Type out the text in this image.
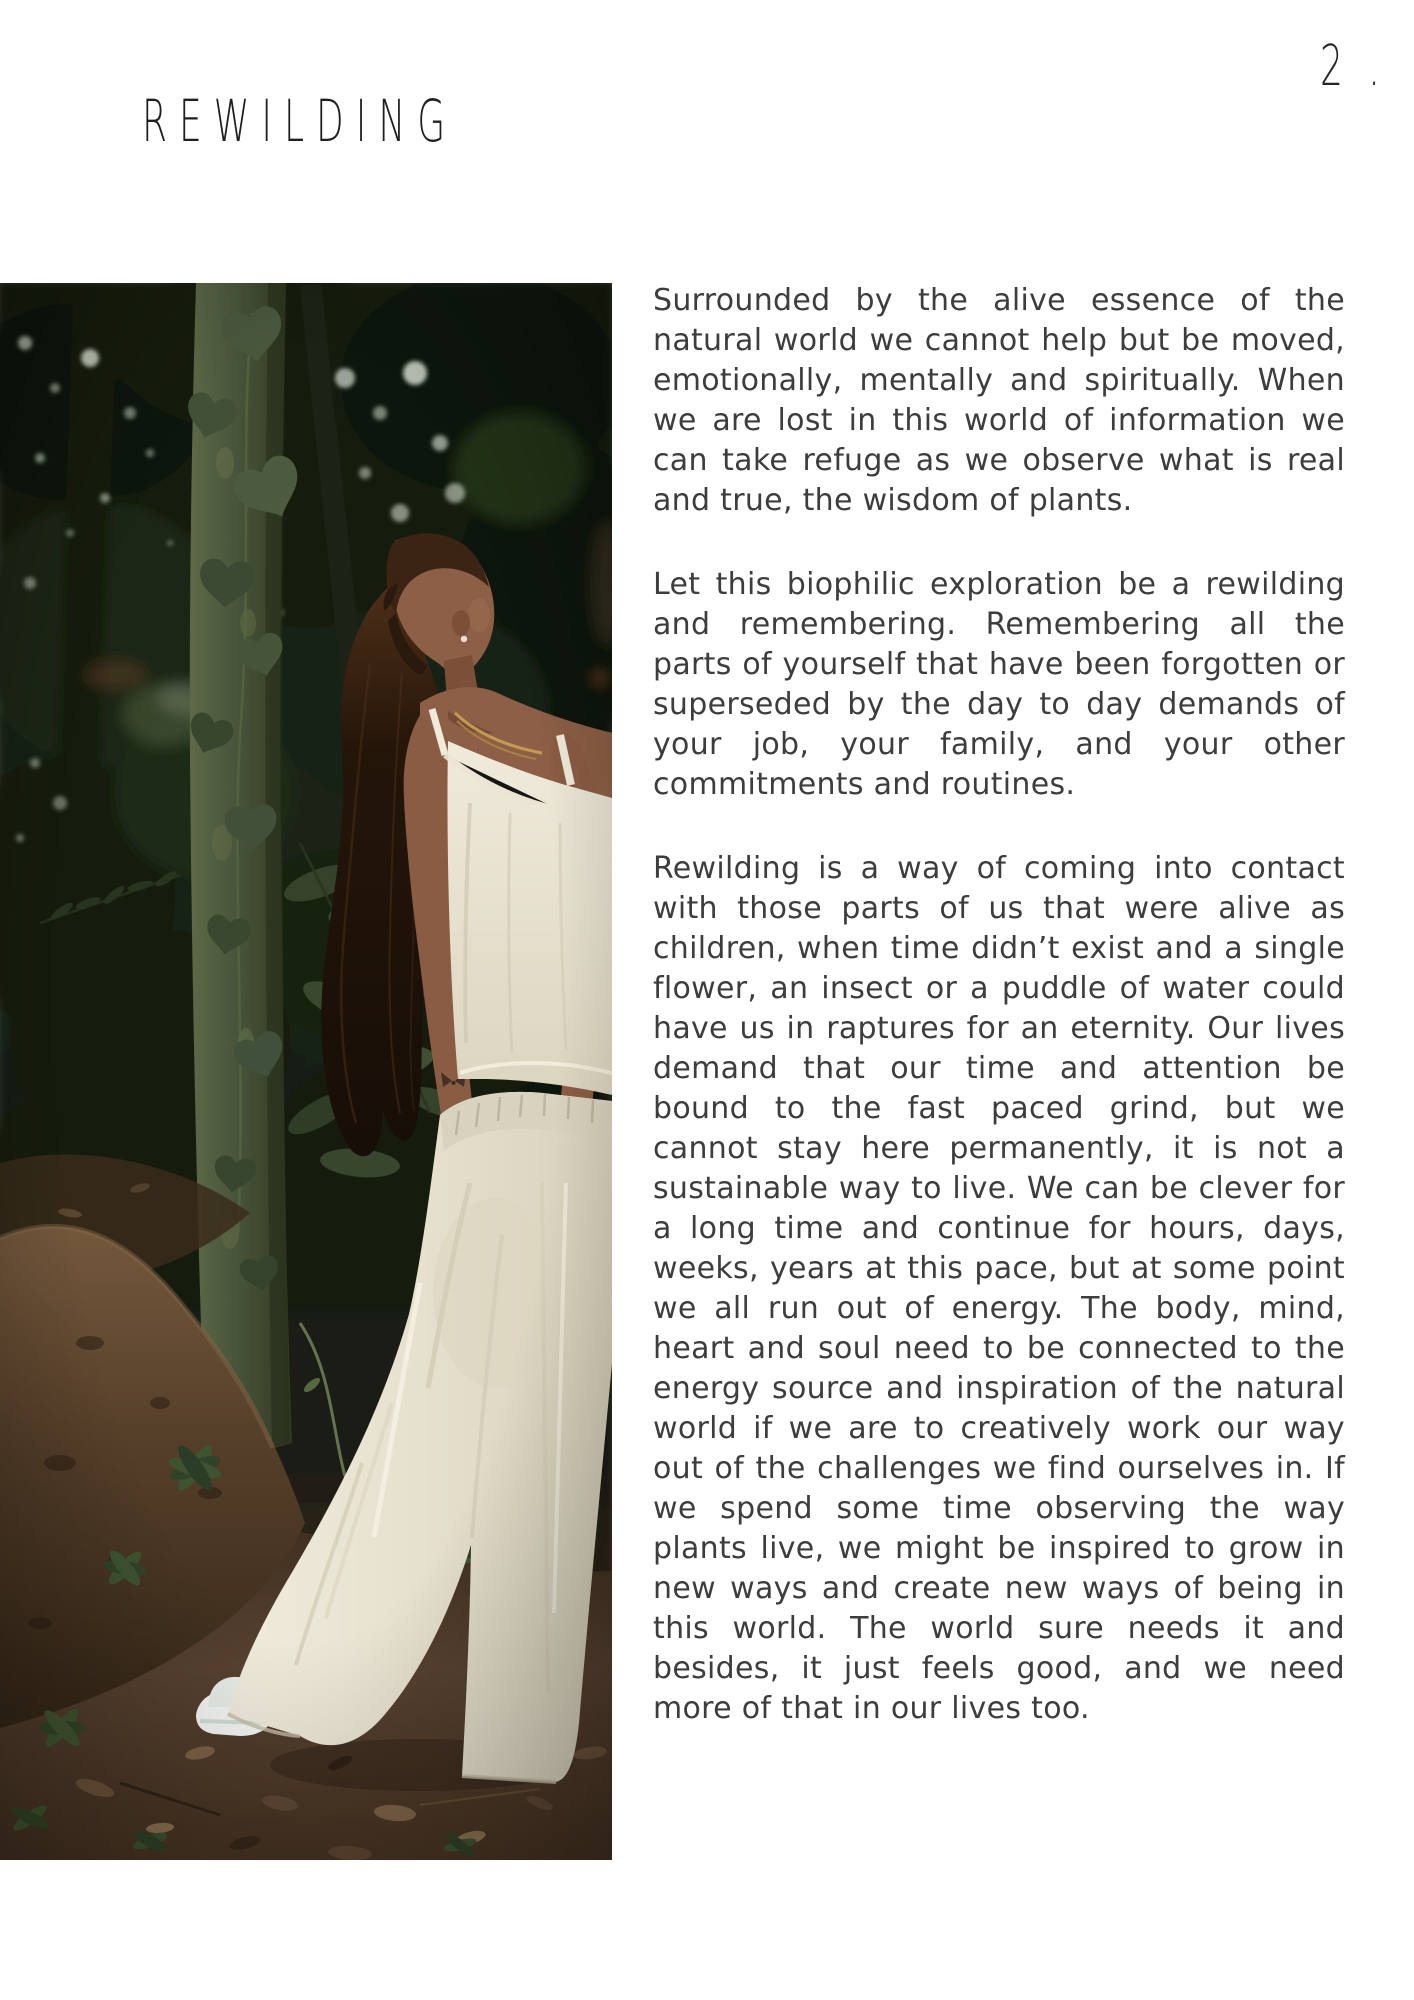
REWILDING
2 .

Surrounded by the alive essence of the natural world we cannot help but be moved, emotionally, mentally and spiritually. When we are lost in this world of information we can take refuge as we observe what is real and true, the wisdom of plants.

Let this biophilic exploration be a rewilding and remembering. Remembering all the parts of yourself that have been forgotten or superseded by the day to day demands of your job, your family, and your other commitments and routines.

Rewilding is a way of coming into contact with those parts of us that were alive as children, when time didn’t exist and a single flower, an insect or a puddle of water could have us in raptures for an eternity. Our lives demand that our time and attention be bound to the fast paced grind, but we cannot stay here permanently, it is not a sustainable way to live. We can be clever for a long time and continue for hours, days, weeks, years at this pace, but at some point we all run out of energy. The body, mind, heart and soul need to be connected to the energy source and inspiration of the natural world if we are to creatively work our way out of the challenges we find ourselves in. If we spend some time observing the way plants live, we might be inspired to grow in new ways and create new ways of being in this world. The world sure needs it and besides, it just feels good, and we need more of that in our lives too.
